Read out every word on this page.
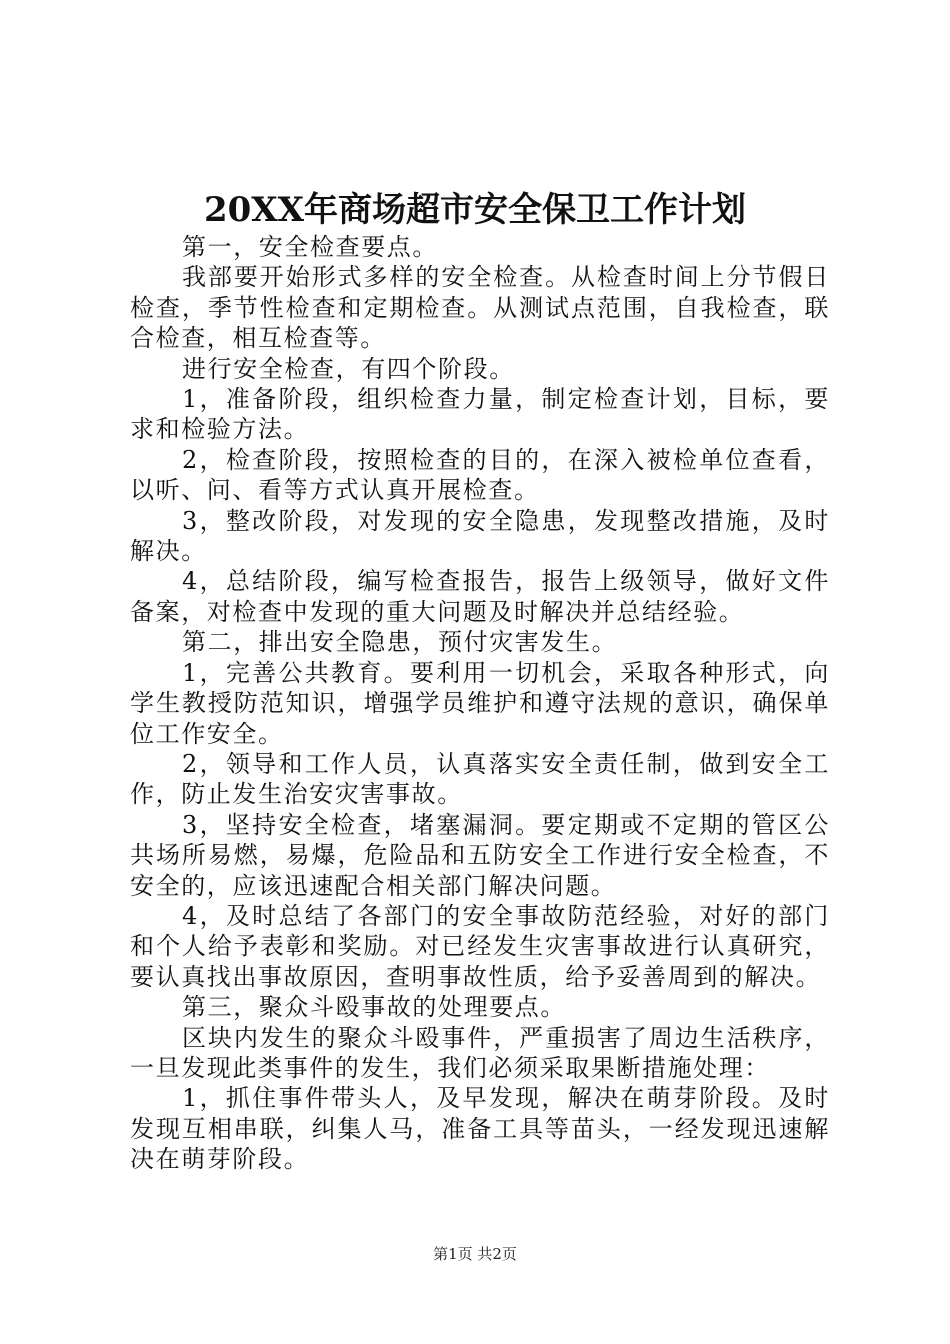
20XX年商场超市安全保卫工作计划

第一，安全检查要点。

我部要开始形式多样的安全检查。从检查时间上分节假日检查，季节性检查和定期检查。从测试点范围，自我检查，联合检查，相互检查等。

进行安全检查，有四个阶段。

1，准备阶段，组织检查力量，制定检查计划，目标，要求和检验方法。

2，检查阶段，按照检查的目的，在深入被检单位查看，以听、问、看等方式认真开展检查。

3，整改阶段，对发现的安全隐患，发现整改措施，及时解决。

4，总结阶段，编写检查报告，报告上级领导，做好文件备案，对检查中发现的重大问题及时解决并总结经验。

第二，排出安全隐患，预付灾害发生。

1，完善公共教育。要利用一切机会，采取各种形式，向学生教授防范知识，增强学员维护和遵守法规的意识，确保单位工作安全。

2，领导和工作人员，认真落实安全责任制，做到安全工作，防止发生治安灾害事故。

3，坚持安全检查，堵塞漏洞。要定期或不定期的管区公共场所易燃，易爆，危险品和五防安全工作进行安全检查，不安全的，应该迅速配合相关部门解决问题。

4，及时总结了各部门的安全事故防范经验，对好的部门和个人给予表彰和奖励。对已经发生灾害事故进行认真研究，要认真找出事故原因，查明事故性质，给予妥善周到的解决。

第三，聚众斗殴事故的处理要点。

区块内发生的聚众斗殴事件，严重损害了周边生活秩序，一旦发现此类事件的发生，我们必须采取果断措施处理：

1，抓住事件带头人，及早发现，解决在萌芽阶段。及时发现互相串联，纠集人马，准备工具等苗头，一经发现迅速解决在萌芽阶段。

第1页 共2页
